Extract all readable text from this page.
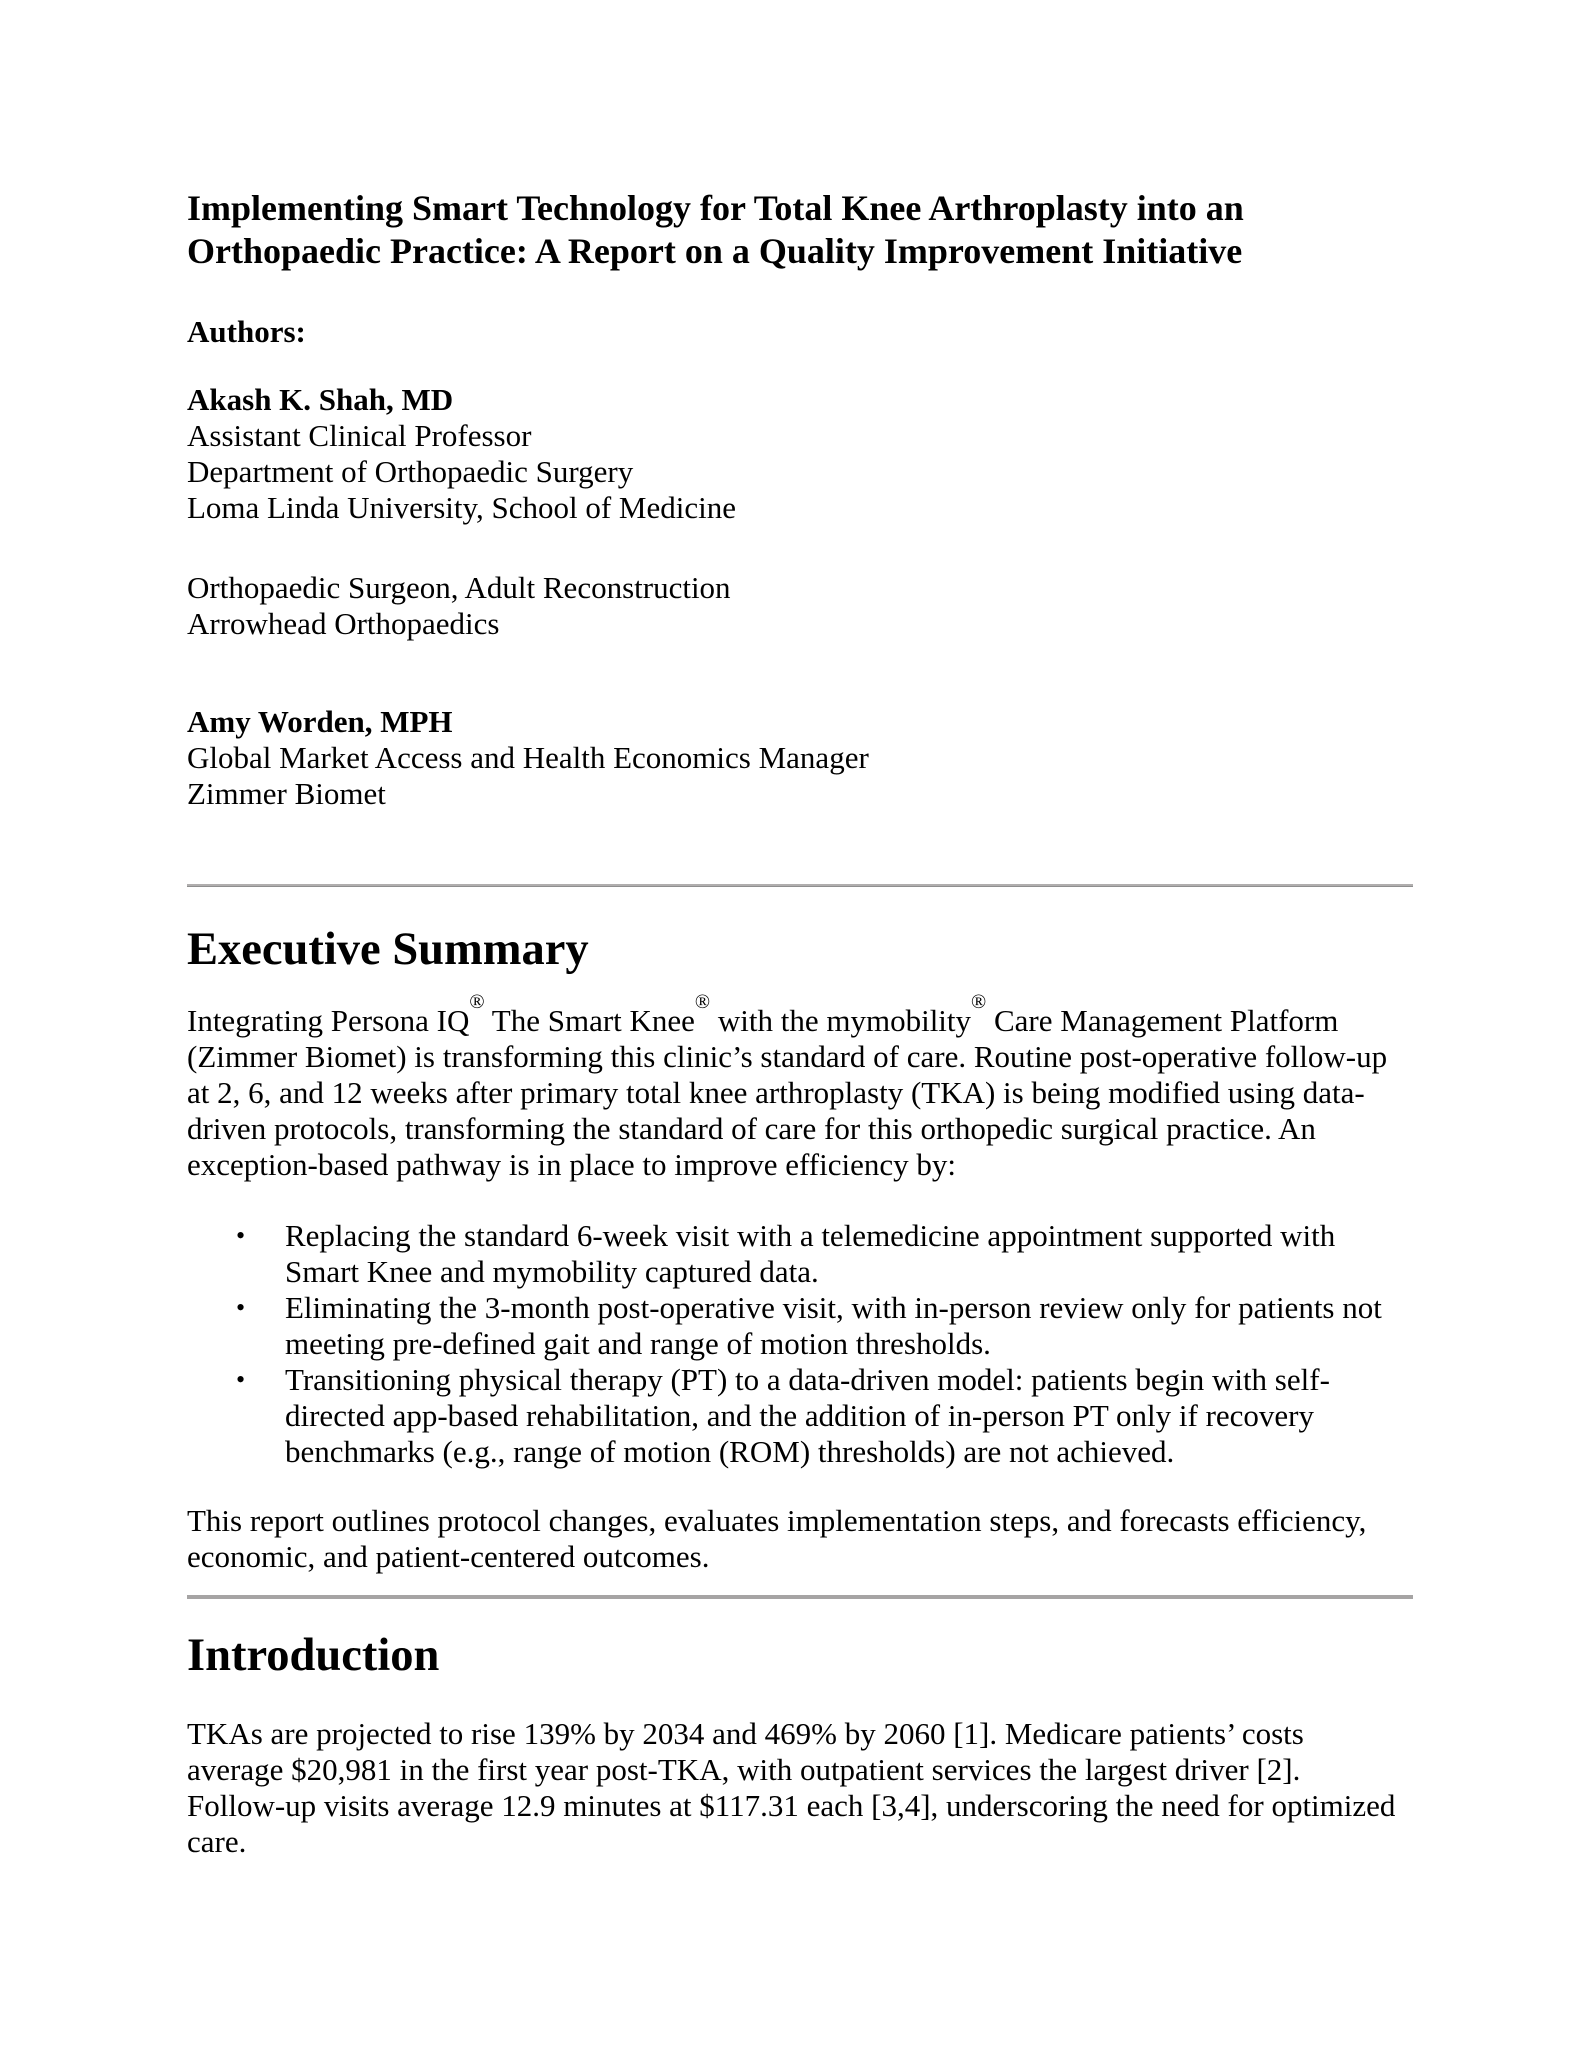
Implementing Smart Technology for Total Knee Arthroplasty into an Orthopaedic Practice: A Report on a Quality Improvement Initiative

Authors:

Akash K. Shah, MD

Assistant Clinical Professor

Department of Orthopaedic Surgery

Loma Linda University, School of Medicine

Orthopaedic Surgeon, Adult Reconstruction

Arrowhead Orthopaedics

Amy Worden, MPH

Global Market Access and Health Economics Manager

Zimmer Biomet

Executive Summary

Integrating Persona IQ® The Smart Knee® with the mymobility® Care Management Platform (Zimmer Biomet) is transforming this clinic’s standard of care. Routine post-operative follow-up at 2, 6, and 12 weeks after primary total knee arthroplasty (TKA) is being modified using data-driven protocols, transforming the standard of care for this orthopedic surgical practice. An exception-based pathway is in place to improve efficiency by:

• Replacing the standard 6-week visit with a telemedicine appointment supported with Smart Knee and mymobility captured data.
• Eliminating the 3-month post-operative visit, with in-person review only for patients not meeting pre-defined gait and range of motion thresholds.
• Transitioning physical therapy (PT) to a data-driven model: patients begin with self-directed app-based rehabilitation, and the addition of in-person PT only if recovery benchmarks (e.g., range of motion (ROM) thresholds) are not achieved.

This report outlines protocol changes, evaluates implementation steps, and forecasts efficiency, economic, and patient-centered outcomes.

Introduction

TKAs are projected to rise 139% by 2034 and 469% by 2060 [1]. Medicare patients’ costs average $20,981 in the first year post-TKA, with outpatient services the largest driver [2]. Follow-up visits average 12.9 minutes at $117.31 each [3,4], underscoring the need for optimized care.
